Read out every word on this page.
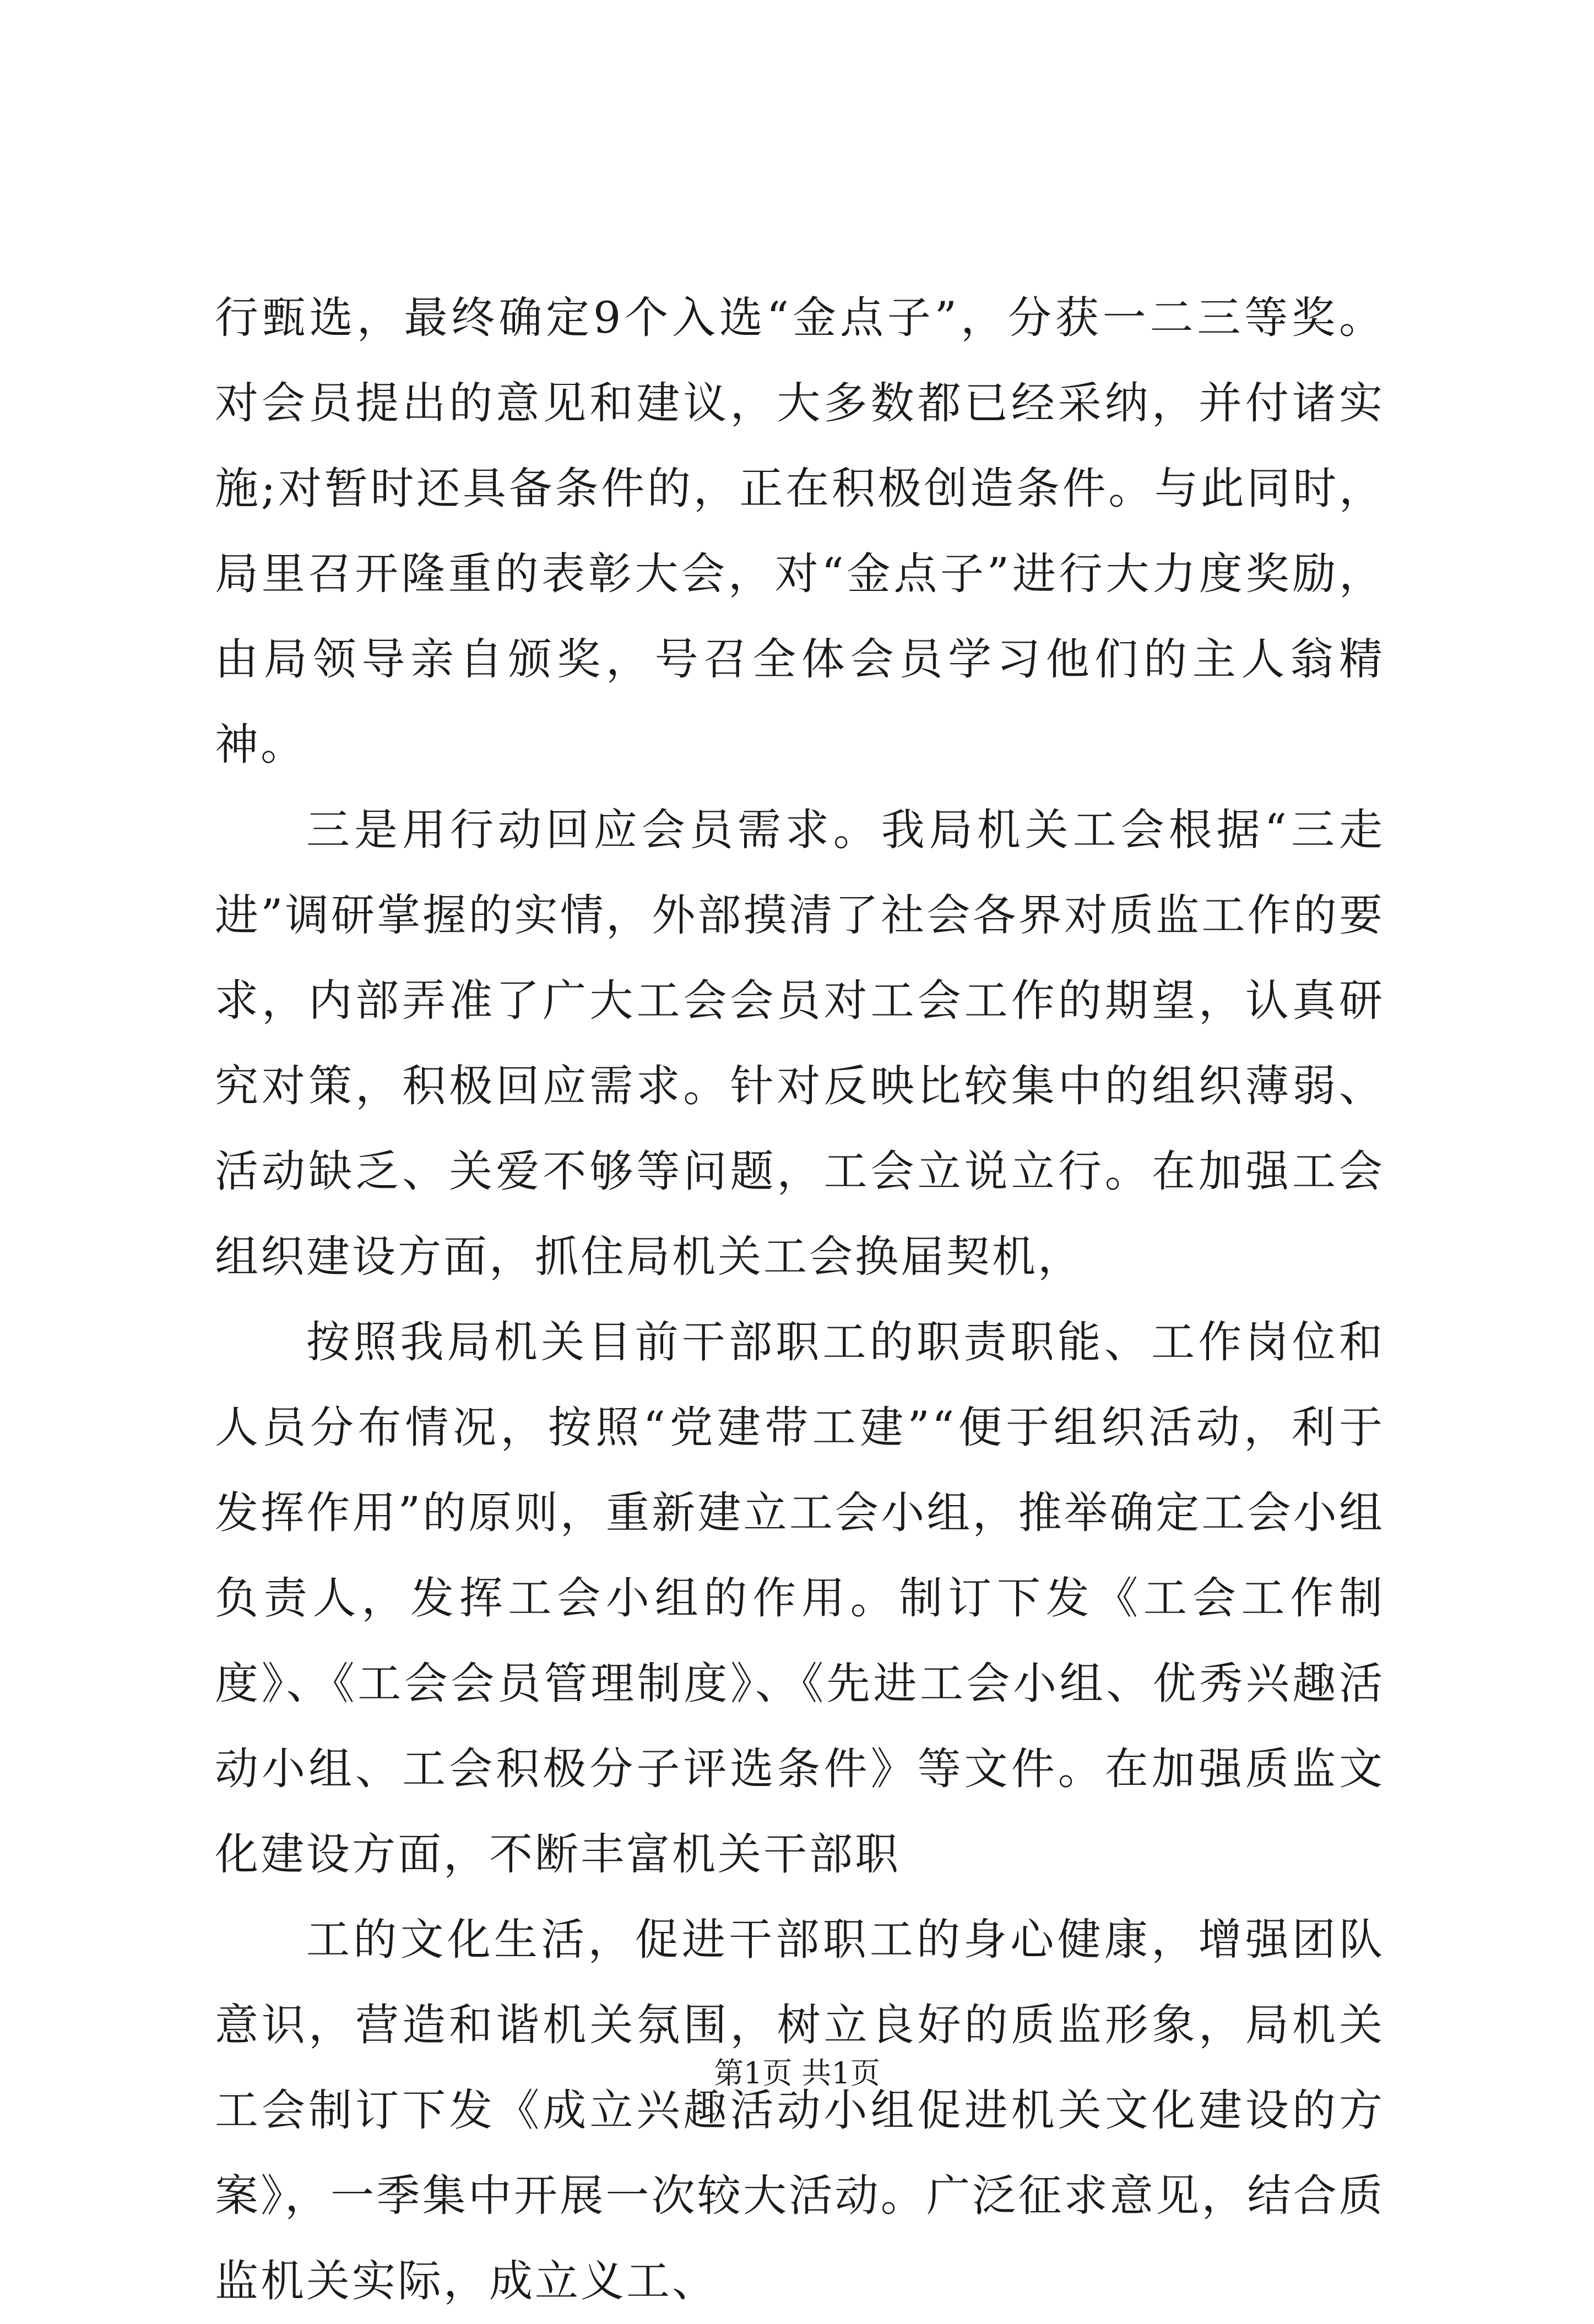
行甄选，最终确定9个入选“金点子”，分获一二三等奖。对会员提出的意见和建议，大多数都已经采纳，并付诸实施;对暂时还具备条件的，正在积极创造条件。与此同时，局里召开隆重的表彰大会，对“金点子”进行大力度奖励，由局领导亲自颁奖，号召全体会员学习他们的主人翁精神。

三是用行动回应会员需求。我局机关工会根据“三走进”调研掌握的实情，外部摸清了社会各界对质监工作的要求，内部弄准了广大工会会员对工会工作的期望，认真研究对策，积极回应需求。针对反映比较集中的组织薄弱、活动缺乏、关爱不够等问题，工会立说立行。在加强工会组织建设方面，抓住局机关工会换届契机，

按照我局机关目前干部职工的职责职能、工作岗位和人员分布情况，按照“党建带工建”“便于组织活动，利于发挥作用”的原则，重新建立工会小组，推举确定工会小组负责人，发挥工会小组的作用。制订下发《工会工作制度》、《工会会员管理制度》、《先进工会小组、优秀兴趣活动小组、工会积极分子评选条件》等文件。在加强质监文化建设方面，不断丰富机关干部职

工的文化生活，促进干部职工的身心健康，增强团队意识，营造和谐机关氛围，树立良好的质监形象，局机关工会制订下发《成立兴趣活动小组促进机关文化建设的方案》，一季集中开展一次较大活动。广泛征求意见，结合质监机关实际，成立义工、

第1页 共1页
